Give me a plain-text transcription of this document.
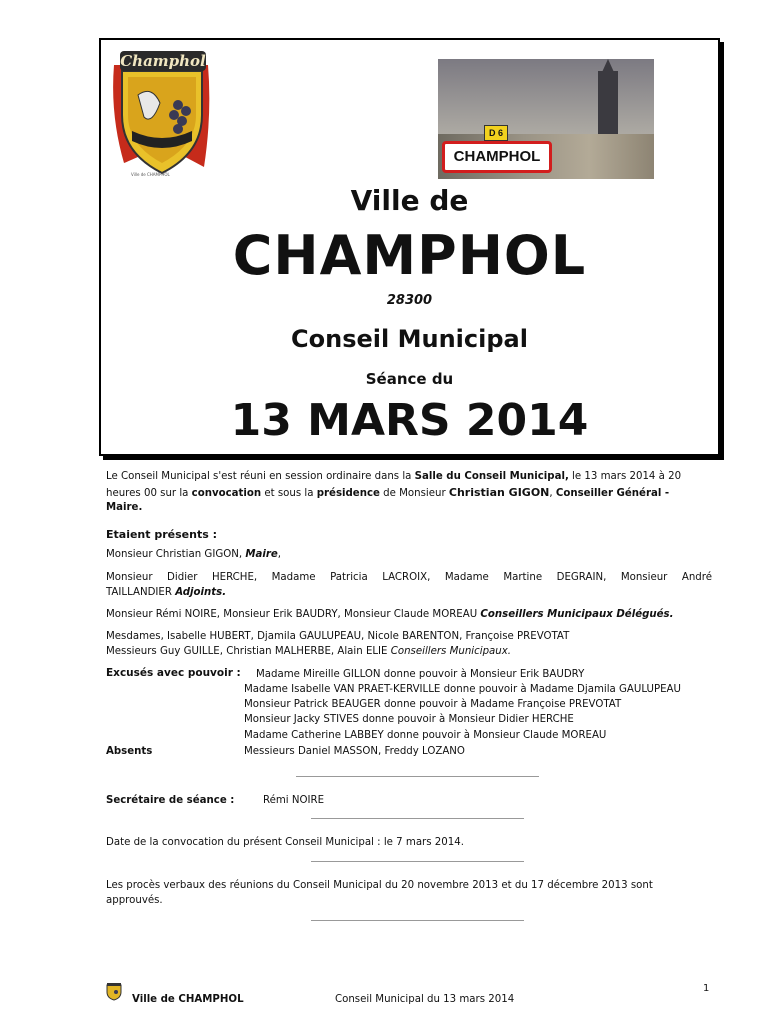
Champhol
Ville de CHAMPHOL
D 6
CHAMPHOL
Ville de
CHAMPHOL
28300
Conseil Municipal
Séance du
13 MARS 2014
Le Conseil Municipal s'est réuni en session ordinaire dans la Salle du Conseil Municipal, le 13 mars 2014 à 20
heures 00 sur la convocation et sous la présidence de Monsieur Christian GIGON, Conseiller Général -
Maire.
Etaient présents :
Monsieur Christian GIGON, Maire,
Monsieur Didier HERCHE, Madame Patricia LACROIX, Madame Martine DEGRAIN, Monsieur André
TAILLANDIER Adjoints.
Monsieur Rémi NOIRE, Monsieur Erik BAUDRY, Monsieur Claude MOREAU Conseillers Municipaux Délégués.
Mesdames, Isabelle HUBERT, Djamila GAULUPEAU, Nicole BARENTON, Françoise PREVOTAT
Messieurs Guy GUILLE, Christian MALHERBE, Alain ELIE Conseillers Municipaux.
Excusés avec pouvoir : Madame Mireille GILLON donne pouvoir à Monsieur Erik BAUDRY
Madame Isabelle VAN PRAET-KERVILLE donne pouvoir à Madame Djamila GAULUPEAU
Monsieur Patrick BEAUGER donne pouvoir à Madame Françoise PREVOTAT
Monsieur Jacky STIVES donne pouvoir à Monsieur Didier HERCHE
Madame Catherine LABBEY donne pouvoir à Monsieur Claude MOREAU
Absents	Messieurs Daniel MASSON, Freddy LOZANO
Secrétaire de séance :	Rémi NOIRE
Date de la convocation du présent Conseil Municipal : le 7 mars 2014.
Les procès verbaux des réunions du Conseil Municipal du 20 novembre 2013 et du 17 décembre 2013 sont
approuvés.
Ville de CHAMPHOL	Conseil Municipal du 13 mars 2014
1
